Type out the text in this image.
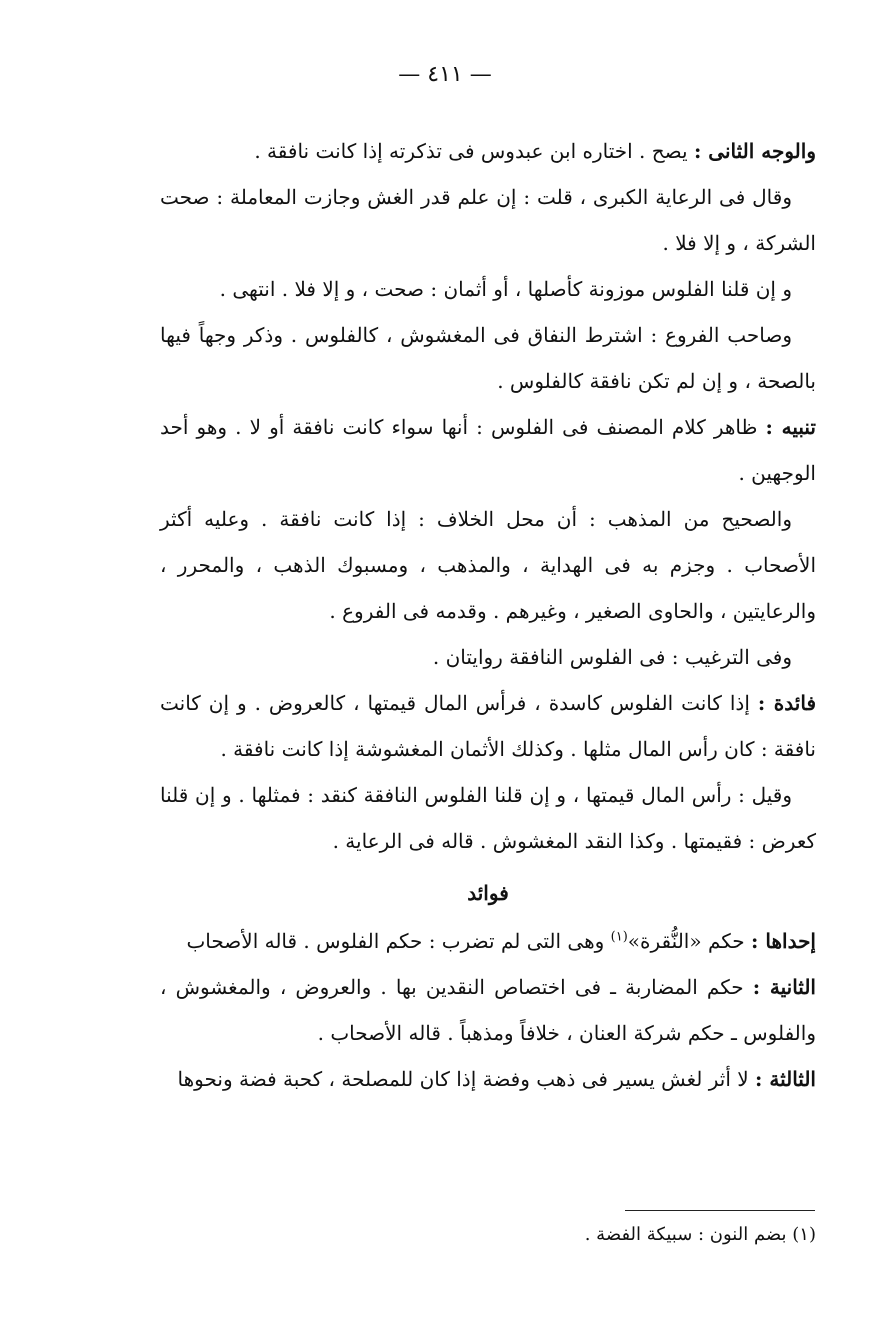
— ٤١١ —

والوجه الثانى : يصح . اختاره ابن عبدوس فى تذكرته إذا كانت نافقة .

وقال فى الرعاية الكبرى ، قلت : إن علم قدر الغش وجازت المعاملة : صحت الشركة ، و إلا فلا .

و إن قلنا الفلوس موزونة كأصلها ، أو أثمان : صحت ، و إلا فلا . انتهى .

وصاحب الفروع : اشترط النفاق فى المغشوش ، كالفلوس . وذكر وجهاً فيها بالصحة ، و إن لم تكن نافقة كالفلوس .

تنبيه : ظاهر كلام المصنف فى الفلوس : أنها سواء كانت نافقة أو لا . وهو أحد الوجهين .

والصحيح من المذهب : أن محل الخلاف : إذا كانت نافقة . وعليه أكثر الأصحاب . وجزم به فى الهداية ، والمذهب ، ومسبوك الذهب ، والمحرر ، والرعايتين ، والحاوى الصغير ، وغيرهم . وقدمه فى الفروع .

وفى الترغيب : فى الفلوس النافقة روايتان .

فائدة : إذا كانت الفلوس كاسدة ، فرأس المال قيمتها ، كالعروض . و إن كانت نافقة : كان رأس المال مثلها . وكذلك الأثمان المغشوشة إذا كانت نافقة .

وقيل : رأس المال قيمتها ، و إن قلنا الفلوس النافقة كنقد : فمثلها . و إن قلنا كعرض : فقيمتها . وكذا النقد المغشوش . قاله فى الرعاية .

فوائد

إحداها : حكم «النُّقرة»$^{(١)}$ وهى التى لم تضرب : حكم الفلوس . قاله الأصحاب

الثانية : حكم المضاربة ـ فى اختصاص النقدين بها . والعروض ، والمغشوش ، والفلوس ـ حكم شركة العنان ، خلافاً ومذهباً . قاله الأصحاب .

الثالثة : لا أثر لغش يسير فى ذهب وفضة إذا كان للمصلحة ، كحبة فضة ونحوها

(١) بضم النون : سبيكة الفضة .
